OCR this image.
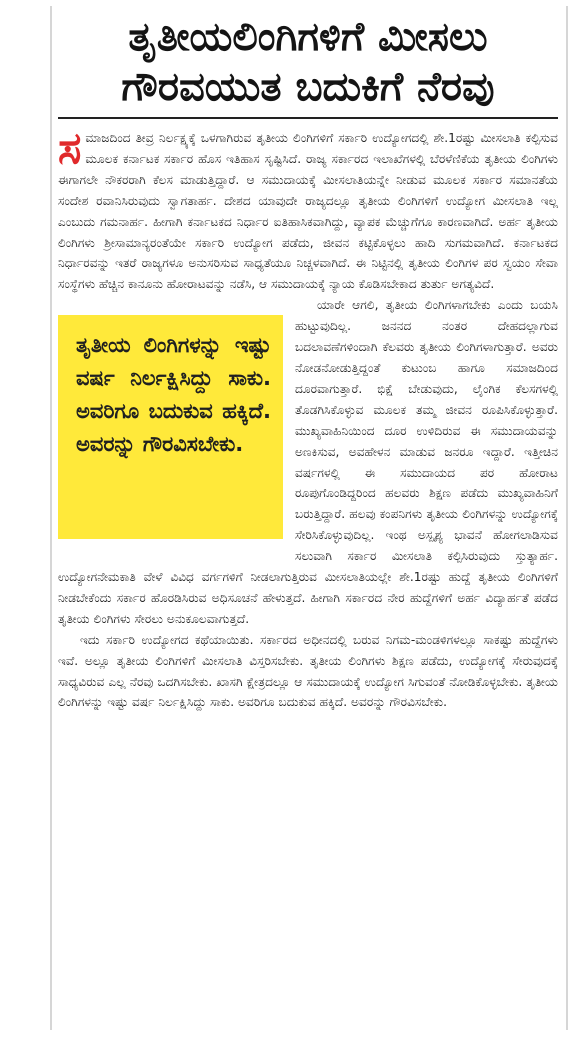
ತೃತೀಯಲಿಂಗಿಗಳಿಗೆ ಮೀಸಲು
ಗೌರವಯುತ ಬದುಕಿಗೆ ನೆರವು

ಸ ಮಾಜದಿಂದ ತೀವ್ರ ನಿರ್ಲಕ್ಷ್ಯಕ್ಕೆ ಒಳಗಾಗಿರುವ ತೃತೀಯ ಲಿಂಗಿಗಳಿಗೆ ಸರ್ಕಾರಿ ಉದ್ಯೋಗದಲ್ಲಿ ಶೇ.1ರಷ್ಟು ಮೀಸಲಾತಿ ಕಲ್ಪಿಸುವ ಮೂಲಕ ಕರ್ನಾಟಕ ಸರ್ಕಾರ ಹೊಸ ಇತಿಹಾಸ ಸೃಷ್ಟಿಸಿದೆ. ರಾಜ್ಯ ಸರ್ಕಾರದ ಇಲಾಖೆಗಳಲ್ಲಿ ಬೆರಳೆಣಿಕೆಯ ತೃತೀಯ ಲಿಂಗಿಗಳು ಈಗಾಗಲೇ ನೌಕರರಾಗಿ ಕೆಲಸ ಮಾಡುತ್ತಿದ್ದಾರೆ. ಆ ಸಮುದಾಯಕ್ಕೆ ಮೀಸಲಾತಿಯನ್ನೇ ನೀಡುವ ಮೂಲಕ ಸರ್ಕಾರ ಸಮಾನತೆಯ ಸಂದೇಶ ರವಾನಿಸಿರುವುದು ಸ್ವಾಗತಾರ್ಹ. ದೇಶದ ಯಾವುದೇ ರಾಜ್ಯದಲ್ಲೂ ತೃತೀಯ ಲಿಂಗಿಗಳಿಗೆ ಉದ್ಯೋಗ ಮೀಸಲಾತಿ ಇಲ್ಲ ಎಂಬುದು ಗಮನಾರ್ಹ. ಹೀಗಾಗಿ ಕರ್ನಾಟಕದ ನಿರ್ಧಾರ ಐತಿಹಾಸಿಕವಾಗಿದ್ದು, ವ್ಯಾಪಕ ಮೆಚ್ಚುಗೆಗೂ ಕಾರಣವಾಗಿದೆ. ಅರ್ಹ ತೃತೀಯ ಲಿಂಗಿಗಳು ಶ್ರೀಸಾಮಾನ್ಯರಂತೆಯೇ ಸರ್ಕಾರಿ ಉದ್ಯೋಗ ಪಡೆದು, ಜೀವನ ಕಟ್ಟಿಕೊಳ್ಳಲು ಹಾದಿ ಸುಗಮವಾಗಿದೆ. ಕರ್ನಾಟಕದ ನಿರ್ಧಾರವನ್ನು ಇತರೆ ರಾಜ್ಯಗಳೂ ಅನುಸರಿಸುವ ಸಾಧ್ಯತೆಯೂ ನಿಚ್ಚಳವಾಗಿದೆ. ಈ ನಿಟ್ಟಿನಲ್ಲಿ ತೃತೀಯ ಲಿಂಗಿಗಳ ಪರ ಸ್ವಯಂ ಸೇವಾ ಸಂಸ್ಥೆಗಳು ಹೆಚ್ಚಿನ ಕಾನೂನು ಹೋರಾಟವನ್ನು ನಡೆಸಿ, ಆ ಸಮುದಾಯಕ್ಕೆ ನ್ಯಾಯ ಕೊಡಿಸಬೇಕಾದ ತುರ್ತು ಅಗತ್ಯವಿದೆ.

ತೃತೀಯ ಲಿಂಗಿಗಳನ್ನು ಇಷ್ಟು ವರ್ಷ ನಿರ್ಲಕ್ಷಿಸಿದ್ದು ಸಾಕು. ಅವರಿಗೂ ಬದುಕುವ ಹಕ್ಕಿದೆ. ಅವರನ್ನು ಗೌರವಿಸಬೇಕು.

ಯಾರೇ ಆಗಲಿ, ತೃತೀಯ ಲಿಂಗಿಗಳಾಗಬೇಕು ಎಂದು ಬಯಸಿ ಹುಟ್ಟುವುದಿಲ್ಲ. ಜನನದ ನಂತರ ದೇಹದಲ್ಲಾಗುವ ಬದಲಾವಣೆಗಳಿಂದಾಗಿ ಕೆಲವರು ತೃತೀಯ ಲಿಂಗಿಗಳಾಗುತ್ತಾರೆ. ಅವರು ನೋಡನೋಡುತ್ತಿದ್ದಂತೆ ಕುಟುಂಬ ಹಾಗೂ ಸಮಾಜದಿಂದ ದೂರವಾಗುತ್ತಾರೆ. ಭಿಕ್ಷೆ ಬೇಡುವುದು, ಲೈಂಗಿಕ ಕೆಲಸಗಳಲ್ಲಿ ತೊಡಗಿಸಿಕೊಳ್ಳುವ ಮೂಲಕ ತಮ್ಮ ಜೀವನ ರೂಪಿಸಿಕೊಳ್ಳುತ್ತಾರೆ. ಮುಖ್ಯವಾಹಿನಿಯಿಂದ ದೂರ ಉಳಿದಿರುವ ಈ ಸಮುದಾಯವನ್ನು ಅಣಕಿಸುವ, ಅವಹೇಳನ ಮಾಡುವ ಜನರೂ ಇದ್ದಾರೆ. ಇತ್ತೀಚಿನ ವರ್ಷಗಳಲ್ಲಿ ಈ ಸಮುದಾಯದ ಪರ ಹೋರಾಟ ರೂಪುಗೊಂಡಿದ್ದರಿಂದ ಹಲವರು ಶಿಕ್ಷಣ ಪಡೆದು ಮುಖ್ಯವಾಹಿನಿಗೆ ಬರುತ್ತಿದ್ದಾರೆ. ಹಲವು ಕಂಪನಿಗಳು ತೃತೀಯ ಲಿಂಗಿಗಳನ್ನು ಉದ್ಯೋಗಕ್ಕೆ ಸೇರಿಸಿಕೊಳ್ಳುವುದಿಲ್ಲ. ಇಂಥ ಅಸ್ಪೃಶ್ಯ ಭಾವನೆ ಹೋಗಲಾಡಿಸುವ ಸಲುವಾಗಿ ಸರ್ಕಾರ ಮೀಸಲಾತಿ ಕಲ್ಪಿಸಿರುವುದು ಸ್ತುತ್ಯಾರ್ಹ. ಉದ್ಯೋಗನೇಮಕಾತಿ ವೇಳೆ ವಿವಿಧ ವರ್ಗಗಳಿಗೆ ನೀಡಲಾಗುತ್ತಿರುವ ಮೀಸಲಾತಿಯಲ್ಲೇ ಶೇ.1ರಷ್ಟು ಹುದ್ದೆ ತೃತೀಯ ಲಿಂಗಿಗಳಿಗೆ ನೀಡಬೇಕೆಂದು ಸರ್ಕಾರ ಹೊರಡಿಸಿರುವ ಅಧಿಸೂಚನೆ ಹೇಳುತ್ತದೆ. ಹೀಗಾಗಿ ಸರ್ಕಾರದ ನೇರ ಹುದ್ದೆಗಳಿಗೆ ಅರ್ಹ ವಿದ್ಯಾರ್ಹತೆ ಪಡೆದ ತೃತೀಯ ಲಿಂಗಿಗಳು ಸೇರಲು ಅನುಕೂಲವಾಗುತ್ತದೆ.

ಇದು ಸರ್ಕಾರಿ ಉದ್ಯೋಗದ ಕಥೆಯಾಯಿತು. ಸರ್ಕಾರದ ಅಧೀನದಲ್ಲಿ ಬರುವ ನಿಗಮ-ಮಂಡಳಿಗಳಲ್ಲೂ ಸಾಕಷ್ಟು ಹುದ್ದೆಗಳು ಇವೆ. ಅಲ್ಲೂ ತೃತೀಯ ಲಿಂಗಿಗಳಿಗೆ ಮೀಸಲಾತಿ ವಿಸ್ತರಿಸಬೇಕು. ತೃತೀಯ ಲಿಂಗಿಗಳು ಶಿಕ್ಷಣ ಪಡೆದು, ಉದ್ಯೋಗಕ್ಕೆ ಸೇರುವುದಕ್ಕೆ ಸಾಧ್ಯವಿರುವ ಎಲ್ಲ ನೆರವು ಒದಗಿಸಬೇಕು. ಖಾಸಗಿ ಕ್ಷೇತ್ರದಲ್ಲೂ ಆ ಸಮುದಾಯಕ್ಕೆ ಉದ್ಯೋಗ ಸಿಗುವಂತೆ ನೋಡಿಕೊಳ್ಳಬೇಕು. ತೃತೀಯ ಲಿಂಗಿಗಳನ್ನು ಇಷ್ಟು ವರ್ಷ ನಿರ್ಲಕ್ಷಿಸಿದ್ದು ಸಾಕು. ಅವರಿಗೂ ಬದುಕುವ ಹಕ್ಕಿದೆ. ಅವರನ್ನು ಗೌರವಿಸಬೇಕು.
